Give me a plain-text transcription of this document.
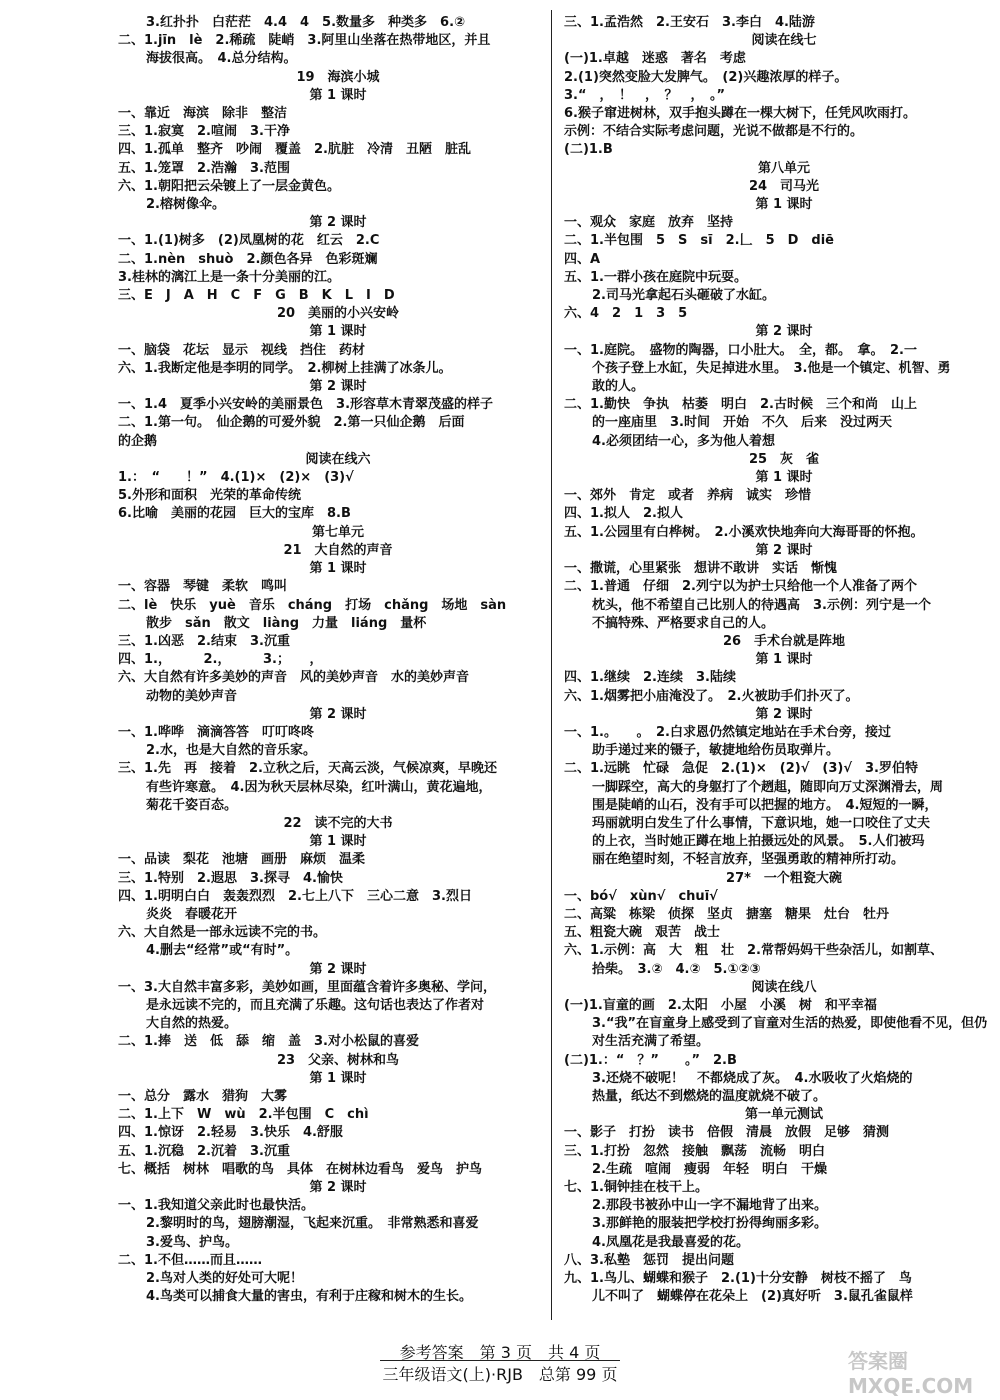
3.红扑扑　白茫茫　4.4　4　5.数量多　种类多　6.②
二、1.jīn　lè　2.稀疏　陡峭　3.阿里山坐落在热带地区，并且
海拔很高。　4.总分结构。
19　海滨小城
第 1 课时
一、靠近　海滨　除非　整洁
三、1.寂寞　2.喧闹　3.干净
四、1.孤单　整齐　吵闹　覆盖　2.肮脏　冷清　丑陋　脏乱
五、1.笼罩　2.浩瀚　3.范围
六、1.朝阳把云朵镀上了一层金黄色。
2.榕树像伞。
第 2 课时
一、1.(1)树多　(2)凤凰树的花　红云　2.C
二、1.nèn　shuò　2.颜色各异　色彩斑斓
3.桂林的漓江上是一条十分美丽的江。
三、E　J　A　H　C　F　G　B　K　L　I　D
20　美丽的小兴安岭
第 1 课时
一、脑袋　花坛　显示　视线　挡住　药材
六、1.我断定他是李明的同学。　2.柳树上挂满了冰条儿。
第 2 课时
一、1.4　夏季小兴安岭的美丽景色　3.形容草木青翠茂盛的样子
二、1.第一句。　仙企鹅的可爱外貌　2.第一只仙企鹅　后面
的企鹅
阅读在线六
1.：　“　　！”　4.(1)×　(2)×　(3)√
5.外形和面积　光荣的革命传统
6.比喻　美丽的花园　巨大的宝库　8.B
第七单元
21　大自然的声音
第 1 课时
一、容器　琴键　柔软　鸣叫
二、lè　快乐　yuè　音乐　cháng　打场　chǎng　场地　sàn
散步　sǎn　散文　liàng　力量　liáng　量杯
三、1.凶恶　2.结束　3.沉重
四、1.，　　　2.，　　　3.；　　，
六、大自然有许多美妙的声音　风的美妙声音　水的美妙声音
动物的美妙声音
第 2 课时
一、1.哗哗　滴滴答答　叮叮咚咚
2.水，也是大自然的音乐家。
三、1.先　再　接着　2.立秋之后，天高云淡，气候凉爽，早晚还
有些许寒意。　4.因为秋天层林尽染，红叶满山，黄花遍地，
菊花千姿百态。
22　读不完的大书
第 1 课时
一、品读　梨花　池塘　画册　麻烦　温柔
三、1.特别　2.遐思　3.探寻　4.愉快
四、1.明明白白　轰轰烈烈　2.七上八下　三心二意　3.烈日
炎炎　春暖花开
六、大自然是一部永远读不完的书。
4.删去“经常”或“有时”。
第 2 课时
一、3.大自然丰富多彩，美妙如画，里面蕴含着许多奥秘、学问，
是永远读不完的，而且充满了乐趣。这句话也表达了作者对
大自然的热爱。
二、1.捧　送　低　舔　缩　盖　3.对小松鼠的喜爱
23　父亲、树林和鸟
第 1 课时
一、总分　露水　猎狗　大雾
二、1.上下　W　wù　2.半包围　C　chì
四、1.惊讶　2.轻易　3.快乐　4.舒服
五、1.沉稳　2.沉着　3.沉重
七、概括　树林　唱歌的鸟　具体　在树林边看鸟　爱鸟　护鸟
第 2 课时
一、1.我知道父亲此时也最快活。
2.黎明时的鸟，翅膀潮湿，飞起来沉重。　非常熟悉和喜爱
3.爱鸟、护鸟。
二、1.不但……而且……
2.鸟对人类的好处可大呢！
4.鸟类可以捕食大量的害虫，有利于庄稼和树木的生长。
三、1.孟浩然　2.王安石　3.李白　4.陆游
阅读在线七
(一)1.卓越　迷惑　著名　考虑
2.(1)突然变脸大发脾气。　(2)兴趣浓厚的样子。
3.“　，　！　，　？　，　。”
6.猴子窜进树林，双手抱头蹲在一棵大树下，任凭风吹雨打。
示例：不结合实际考虑问题，光说不做都是不行的。
(二)1.B
第八单元
24　司马光
第 1 课时
一、观众　家庭　放弃　坚持
二、1.半包围　5　S　sī　2.𠃊　5　D　diē
四、A
五、1.一群小孩在庭院中玩耍。
2.司马光拿起石头砸破了水缸。
六、4　2　1　3　5
第 2 课时
一、1.庭院。　盛物的陶器，口小肚大。　全，都。　拿。　2.一
个孩子登上水缸，失足掉进水里。　3.他是一个镇定、机智、勇
敢的人。
二、1.勤快　争执　枯萎　明白　2.古时候　三个和尚　山上
的一座庙里　3.时间　开始　不久　后来　没过两天
4.必须团结一心，多为他人着想
25　灰　雀
第 1 课时
一、郊外　肯定　或者　养病　诚实　珍惜
四、1.拟人　2.拟人
五、1.公园里有白桦树。　2.小溪欢快地奔向大海哥哥的怀抱。
第 2 课时
一、撒谎，心里紧张　想讲不敢讲　实话　惭愧
二、1.普通　仔细　2.列宁以为护士只给他一个人准备了两个
枕头，他不希望自己比别人的待遇高　3.示例：列宁是一个
不搞特殊、严格要求自己的人。
26　手术台就是阵地
第 1 课时
四、1.继续　2.连续　3.陆续
六、1.烟雾把小庙淹没了。　2.火被助手们扑灭了。
第 2 课时
一、1.。　　。　2.白求恩仍然镇定地站在手术台旁，接过
助手递过来的镊子，敏捷地给伤员取弹片。
二、1.远眺　忙碌　急促　2.(1)×　(2)√　(3)√　3.罗伯特
一脚踩空，高大的身躯打了个趔趄，随即向万丈深渊滑去，周
围是陡峭的山石，没有手可以把握的地方。　4.短短的一瞬，
玛丽就明白发生了什么事情，下意识地，她一口咬住了丈夫
的上衣，当时她正蹲在地上拍摄远处的风景。　5.人们被玛
丽在绝望时刻，不轻言放弃，坚强勇敢的精神所打动。
27*　一个粗瓷大碗
一、bó√　xùn√　chuī√
二、高粱　栋梁　侦探　坚贞　搪塞　糖果　灶台　牡丹
五、粗瓷大碗　艰苦　战士
六、1.示例：高　大　粗　壮　2.常帮妈妈干些杂活儿，如割草、
拾柴。　3.②　4.②　5.①②③
阅读在线八
(一)1.盲童的画　2.太阳　小屋　小溪　树　和平幸福
3.“我”在盲童身上感受到了盲童对生活的热爱，即使他看不见，但仍
对生活充满了希望。
(二)1.：“　？”　　。”　2.B
3.还烧不破呢！　不都烧成了灰。　4.水吸收了火焰烧的
热量，纸达不到燃烧的温度就烧不破了。
第一单元测试
一、影子　打扮　读书　倍假　清晨　放假　足够　猜测
三、1.打扮　忽然　接触　飘荡　流畅　明白
2.生疏　喧闹　瘦弱　年轻　明白　干燥
七、1.铜钟挂在枝干上。
2.那段书被孙中山一字不漏地背了出来。
3.那鲜艳的服装把学校打扮得绚丽多彩。
4.凤凰花是我最喜爱的花。
八、3.私塾　惩罚　提出问题
九、1.鸟儿、蝴蝶和猴子　2.(1)十分安静　树枝不摇了　鸟
儿不叫了　蝴蝶停在花朵上　(2)真好听　3.鼠孔雀鼠样
参考答案　第 3 页　共 4 页
三年级语文(上)·RJB　总第 99 页
答案圈 MXQE.COM
